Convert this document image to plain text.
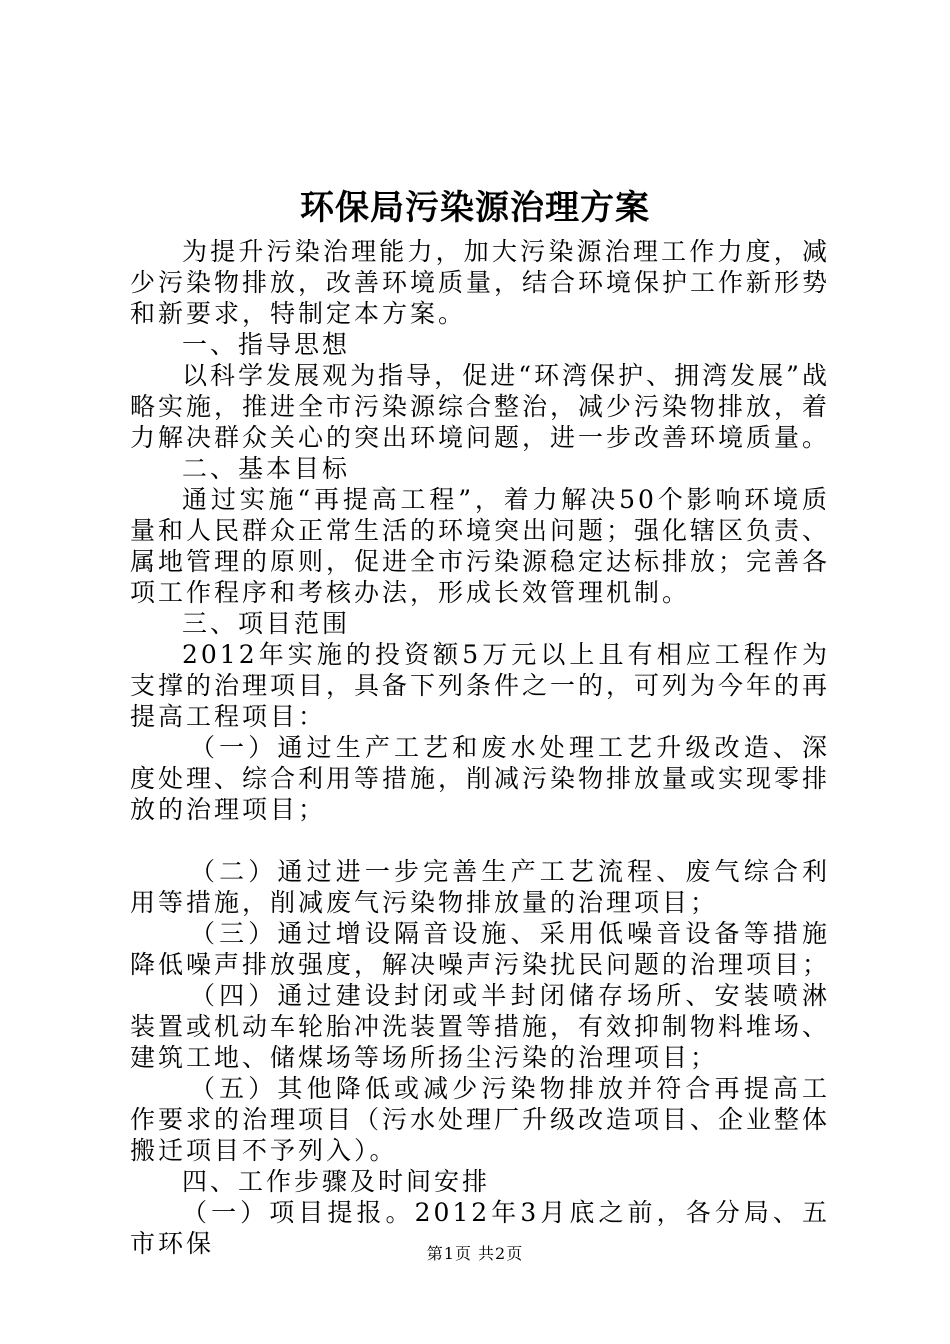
环保局污染源治理方案

为提升污染治理能力，加大污染源治理工作力度，减少污染物排放，改善环境质量，结合环境保护工作新形势和新要求，特制定本方案。

一、指导思想

以科学发展观为指导，促进“环湾保护、拥湾发展”战略实施，推进全市污染源综合整治，减少污染物排放，着力解决群众关心的突出环境问题，进一步改善环境质量。

二、基本目标

通过实施“再提高工程”，着力解决50个影响环境质量和人民群众正常生活的环境突出问题；强化辖区负责、属地管理的原则，促进全市污染源稳定达标排放；完善各项工作程序和考核办法，形成长效管理机制。

三、项目范围

2012年实施的投资额5万元以上且有相应工程作为支撑的治理项目，具备下列条件之一的，可列为今年的再提高工程项目：

（一）通过生产工艺和废水处理工艺升级改造、深度处理、综合利用等措施，削减污染物排放量或实现零排放的治理项目；

（二）通过进一步完善生产工艺流程、废气综合利用等措施，削减废气污染物排放量的治理项目；

（三）通过增设隔音设施、采用低噪音设备等措施降低噪声排放强度，解决噪声污染扰民问题的治理项目；

（四）通过建设封闭或半封闭储存场所、安装喷淋装置或机动车轮胎冲洗装置等措施，有效抑制物料堆场、建筑工地、储煤场等场所扬尘污染的治理项目；

（五）其他降低或减少污染物排放并符合再提高工作要求的治理项目（污水处理厂升级改造项目、企业整体搬迁项目不予列入）。

四、工作步骤及时间安排

（一）项目提报。2012年3月底之前，各分局、五市环保	第1页 共2页
